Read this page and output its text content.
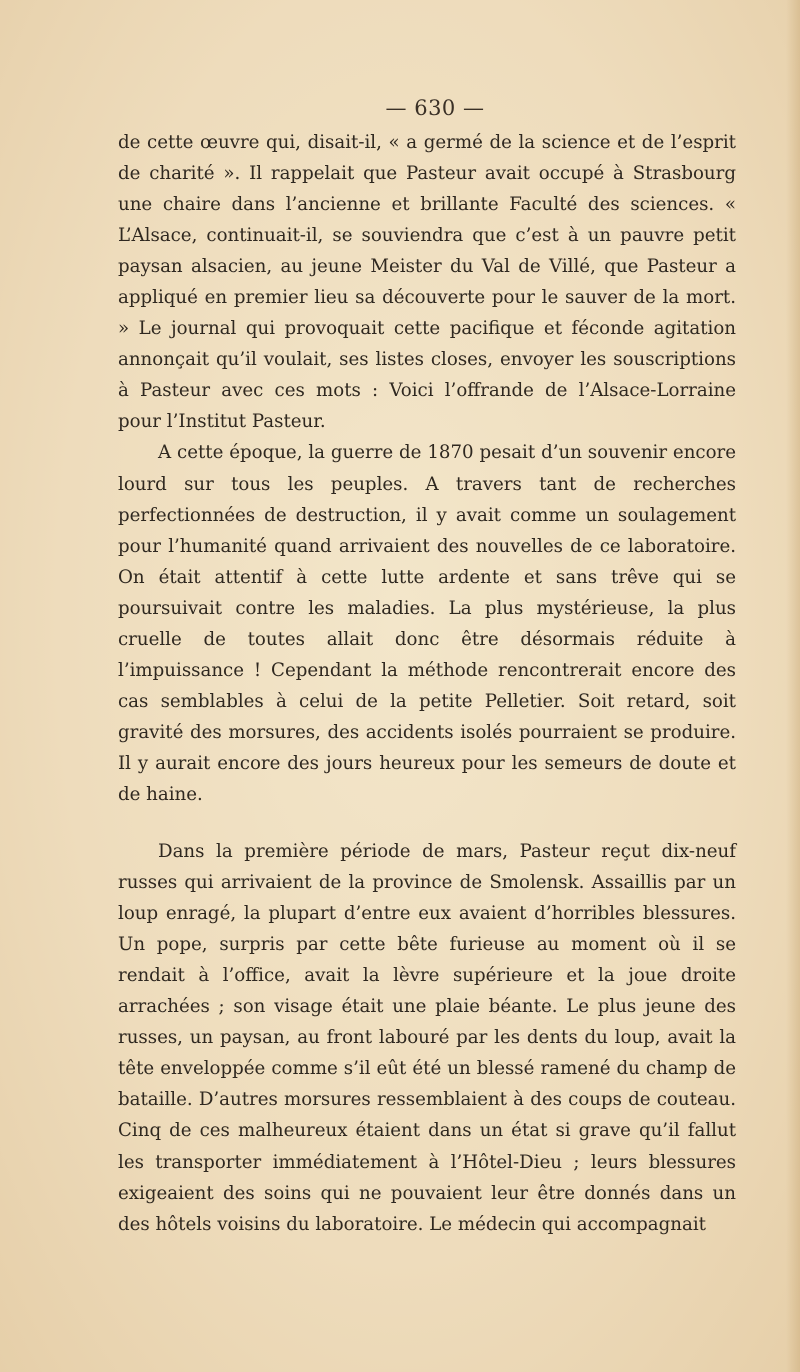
— 630 —

de cette œuvre qui, disait-il, « a germé de la science et de l’esprit de charité ». Il rappelait que Pasteur avait occupé à Strasbourg une chaire dans l’ancienne et brillante Faculté des sciences. « L’Alsace, continuait-il, se souviendra que c’est à un pauvre petit paysan alsacien, au jeune Meister du Val de Villé, que Pasteur a appliqué en premier lieu sa découverte pour le sauver de la mort. » Le journal qui provoquait cette pacifique et féconde agitation annonçait qu’il voulait, ses listes closes, envoyer les souscriptions à Pasteur avec ces mots : Voici l’offrande de l’Alsace-Lorraine pour l’Institut Pasteur.

A cette époque, la guerre de 1870 pesait d’un souvenir encore lourd sur tous les peuples. A travers tant de recherches perfectionnées de destruction, il y avait comme un soulagement pour l’humanité quand arrivaient des nouvelles de ce laboratoire. On était attentif à cette lutte ardente et sans trêve qui se poursuivait contre les maladies. La plus mystérieuse, la plus cruelle de toutes allait donc être désormais réduite à l’impuissance ! Cependant la méthode rencontrerait encore des cas semblables à celui de la petite Pelletier. Soit retard, soit gravité des morsures, des accidents isolés pourraient se produire. Il y aurait encore des jours heureux pour les semeurs de doute et de haine.

Dans la première période de mars, Pasteur reçut dix-neuf russes qui arrivaient de la province de Smolensk. Assaillis par un loup enragé, la plupart d’entre eux avaient d’horribles blessures. Un pope, surpris par cette bête furieuse au moment où il se rendait à l’office, avait la lèvre supérieure et la joue droite arrachées ; son visage était une plaie béante. Le plus jeune des russes, un paysan, au front labouré par les dents du loup, avait la tête enveloppée comme s’il eût été un blessé ramené du champ de bataille. D’autres morsures ressemblaient à des coups de couteau. Cinq de ces malheureux étaient dans un état si grave qu’il fallut les transporter immédiatement à l’Hôtel-Dieu ; leurs blessures exigeaient des soins qui ne pouvaient leur être donnés dans un des hôtels voisins du laboratoire. Le médecin qui accompagnait
